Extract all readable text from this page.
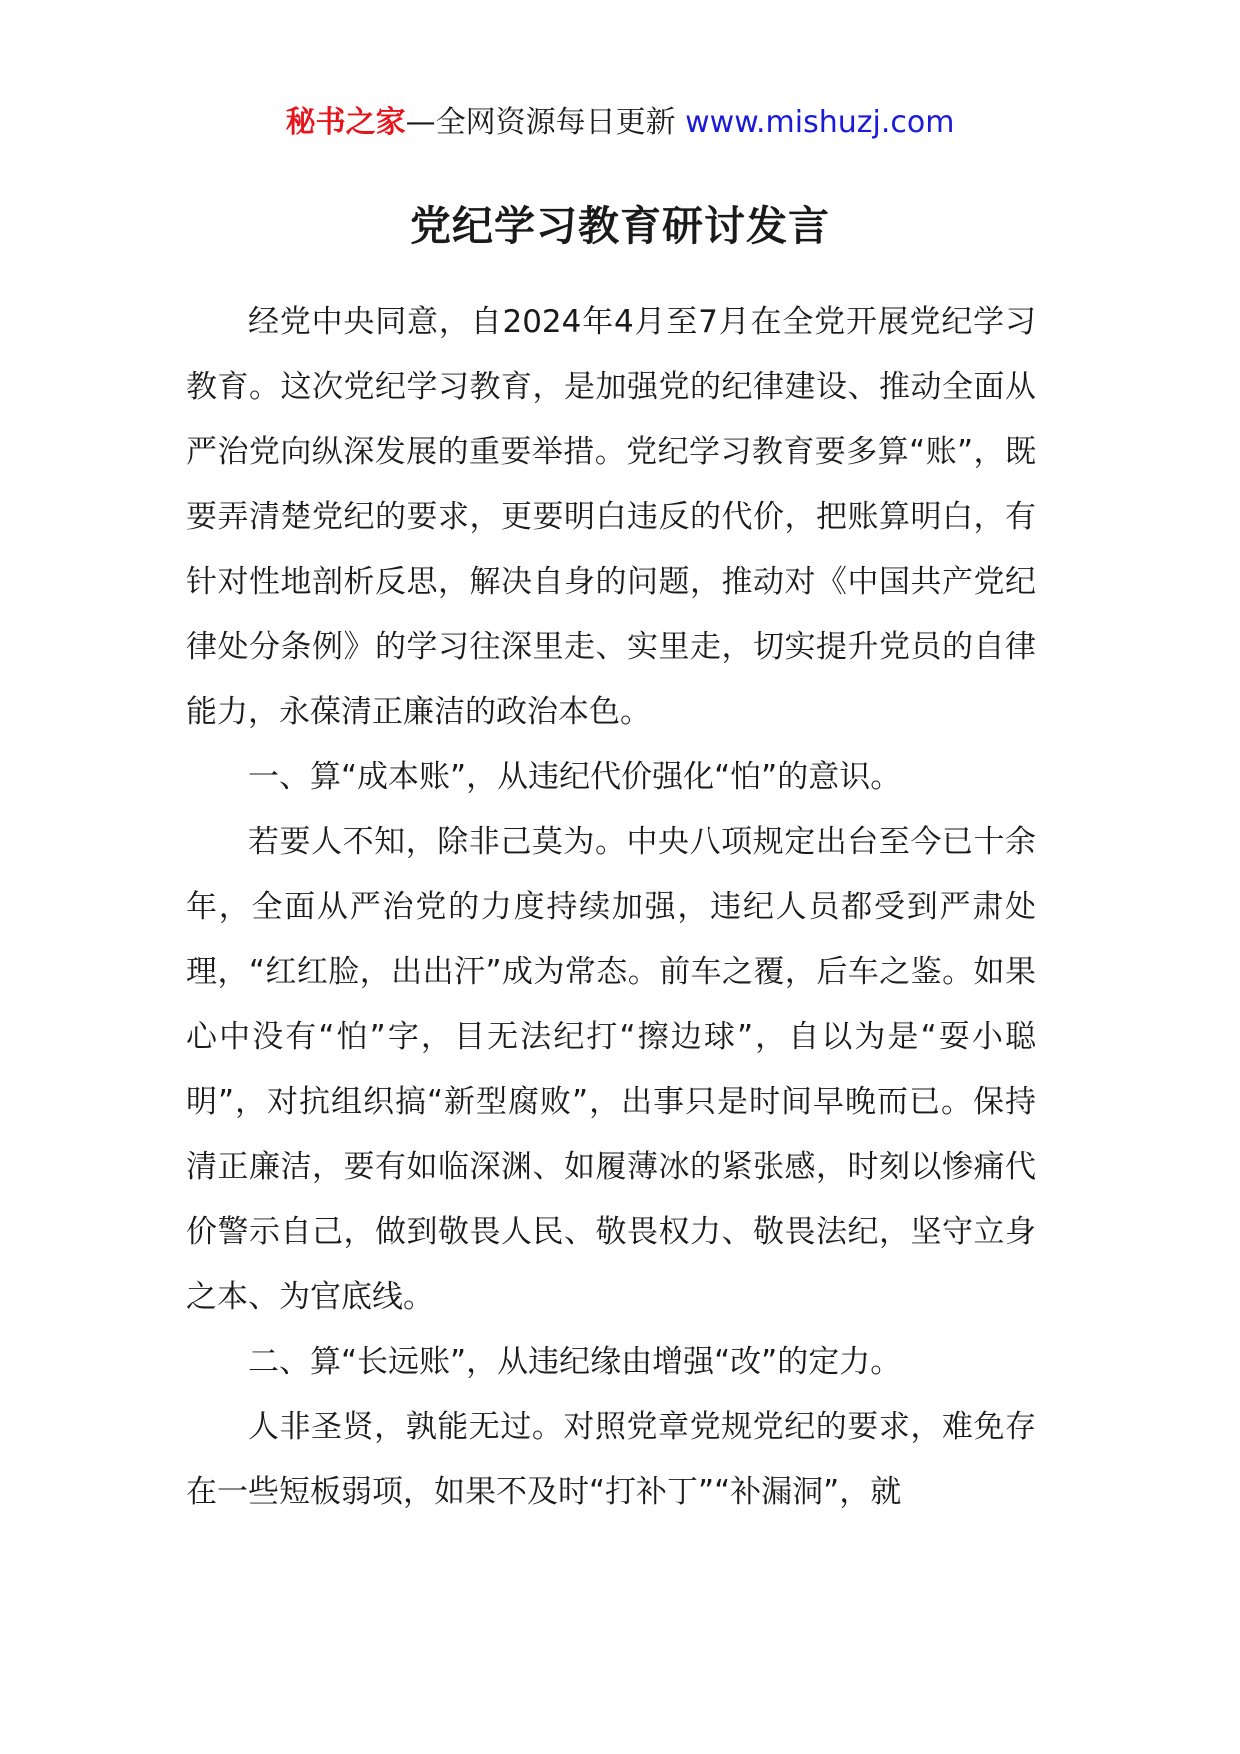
秘书之家—全网资源每日更新 www.mishuzj.com
党纪学习教育研讨发言

经党中央同意，自2024年4月至7月在全党开展党纪学习教育。这次党纪学习教育，是加强党的纪律建设、推动全面从严治党向纵深发展的重要举措。党纪学习教育要多算“账”，既要弄清楚党纪的要求，更要明白违反的代价，把账算明白，有针对性地剖析反思，解决自身的问题，推动对《中国共产党纪律处分条例》的学习往深里走、实里走，切实提升党员的自律能力，永葆清正廉洁的政治本色。

一、算“成本账”，从违纪代价强化“怕”的意识。

若要人不知，除非己莫为。中央八项规定出台至今已十余年，全面从严治党的力度持续加强，违纪人员都受到严肃处理，“红红脸，出出汗”成为常态。前车之覆，后车之鉴。如果心中没有“怕”字，目无法纪打“擦边球”，自以为是“耍小聪明”，对抗组织搞“新型腐败”，出事只是时间早晚而已。保持清正廉洁，要有如临深渊、如履薄冰的紧张感，时刻以惨痛代价警示自己，做到敬畏人民、敬畏权力、敬畏法纪，坚守立身之本、为官底线。

二、算“长远账”，从违纪缘由增强“改”的定力。

人非圣贤，孰能无过。对照党章党规党纪的要求，难免存在一些短板弱项，如果不及时“打补丁”“补漏洞”，就
